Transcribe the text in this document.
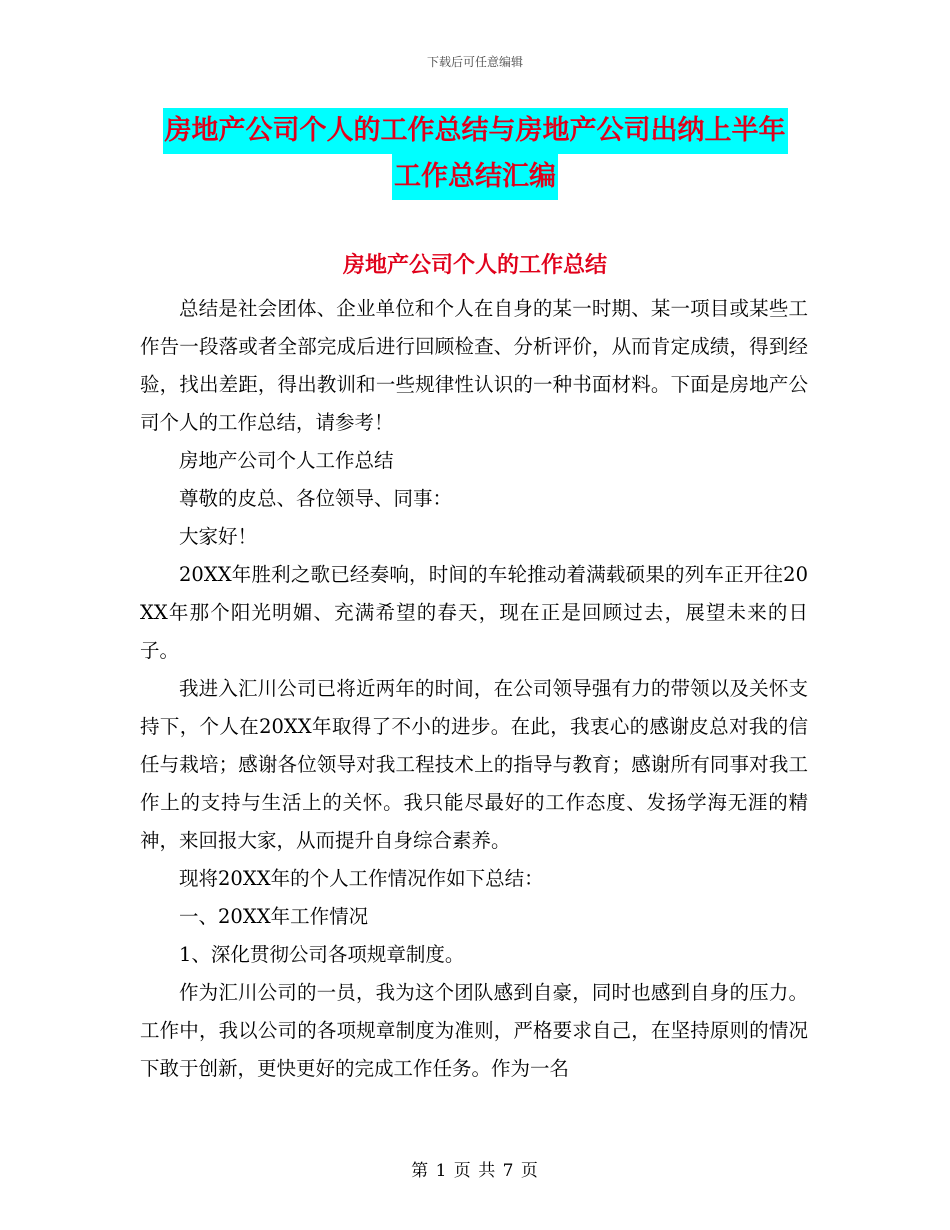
下载后可任意编辑
房地产公司个人的工作总结与房地产公司出纳上半年
工作总结汇编
房地产公司个人的工作总结

总结是社会团体、企业单位和个人在自身的某一时期、某一项目或某些工作告一段落或者全部完成后进行回顾检查、分析评价，从而肯定成绩，得到经验，找出差距，得出教训和一些规律性认识的一种书面材料。下面是房地产公司个人的工作总结，请参考！

房地产公司个人工作总结

尊敬的皮总、各位领导、同事：

大家好！

20XX年胜利之歌已经奏响，时间的车轮推动着满载硕果的列车正开往20XX年那个阳光明媚、充满希望的春天，现在正是回顾过去，展望未来的日子。

我进入汇川公司已将近两年的时间，在公司领导强有力的带领以及关怀支持下，个人在20XX年取得了不小的进步。在此，我衷心的感谢皮总对我的信任与栽培；感谢各位领导对我工程技术上的指导与教育；感谢所有同事对我工作上的支持与生活上的关怀。我只能尽最好的工作态度、发扬学海无涯的精神，来回报大家，从而提升自身综合素养。

现将20XX年的个人工作情况作如下总结：

一、20XX年工作情况

1、深化贯彻公司各项规章制度。

作为汇川公司的一员，我为这个团队感到自豪，同时也感到自身的压力。工作中，我以公司的各项规章制度为准则，严格要求自己，在坚持原则的情况下敢于创新，更快更好的完成工作任务。作为一名

第 1 页 共 7 页
